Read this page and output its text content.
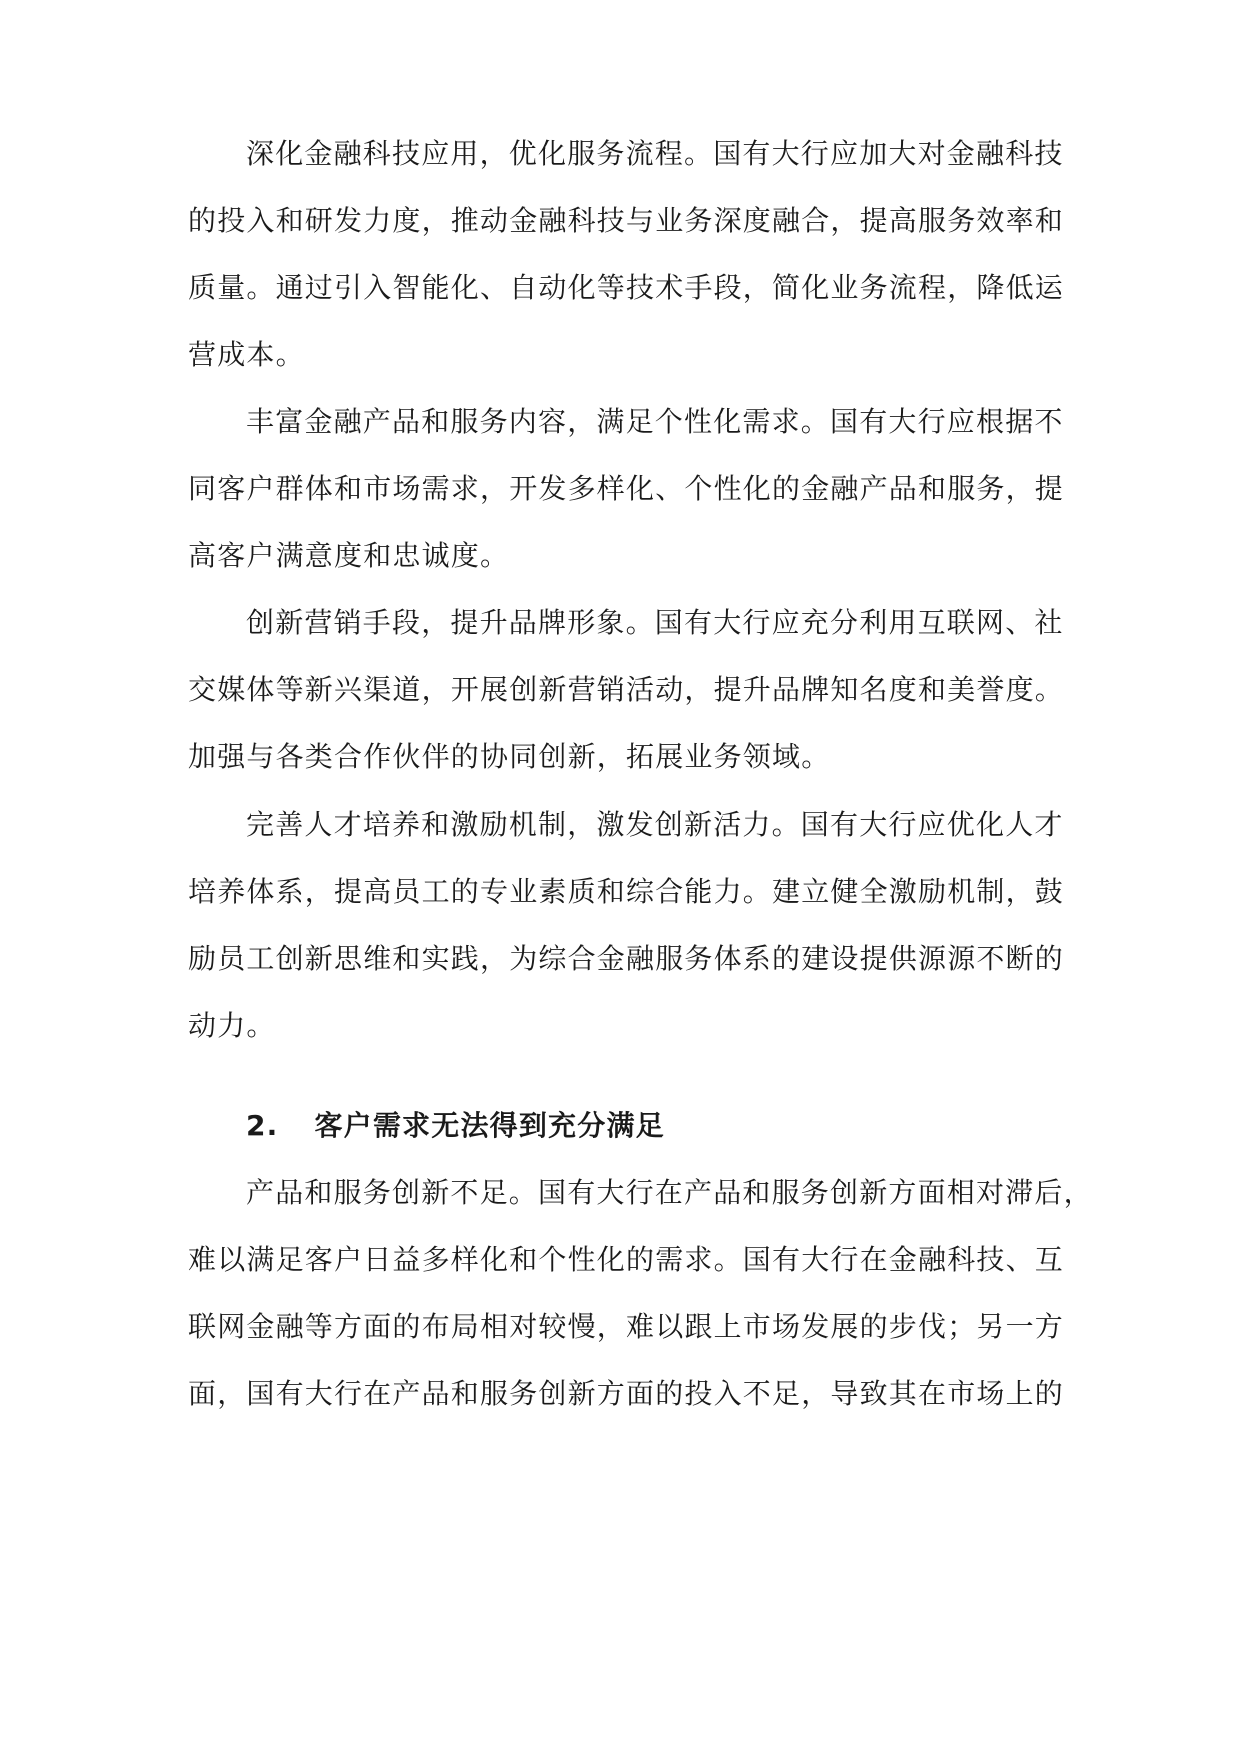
深化金融科技应用，优化服务流程。国有大行应加大对金融科技
的投入和研发力度，推动金融科技与业务深度融合，提高服务效率和
质量。通过引入智能化、自动化等技术手段，简化业务流程，降低运
营成本。
丰富金融产品和服务内容，满足个性化需求。国有大行应根据不
同客户群体和市场需求，开发多样化、个性化的金融产品和服务，提
高客户满意度和忠诚度。
创新营销手段，提升品牌形象。国有大行应充分利用互联网、社
交媒体等新兴渠道，开展创新营销活动，提升品牌知名度和美誉度。
加强与各类合作伙伴的协同创新，拓展业务领域。
完善人才培养和激励机制，激发创新活力。国有大行应优化人才
培养体系，提高员工的专业素质和综合能力。建立健全激励机制，鼓
励员工创新思维和实践，为综合金融服务体系的建设提供源源不断的
动力。
2. 客户需求无法得到充分满足
产品和服务创新不足。国有大行在产品和服务创新方面相对滞后，
难以满足客户日益多样化和个性化的需求。国有大行在金融科技、互
联网金融等方面的布局相对较慢，难以跟上市场发展的步伐；另一方
面，国有大行在产品和服务创新方面的投入不足，导致其在市场上的
